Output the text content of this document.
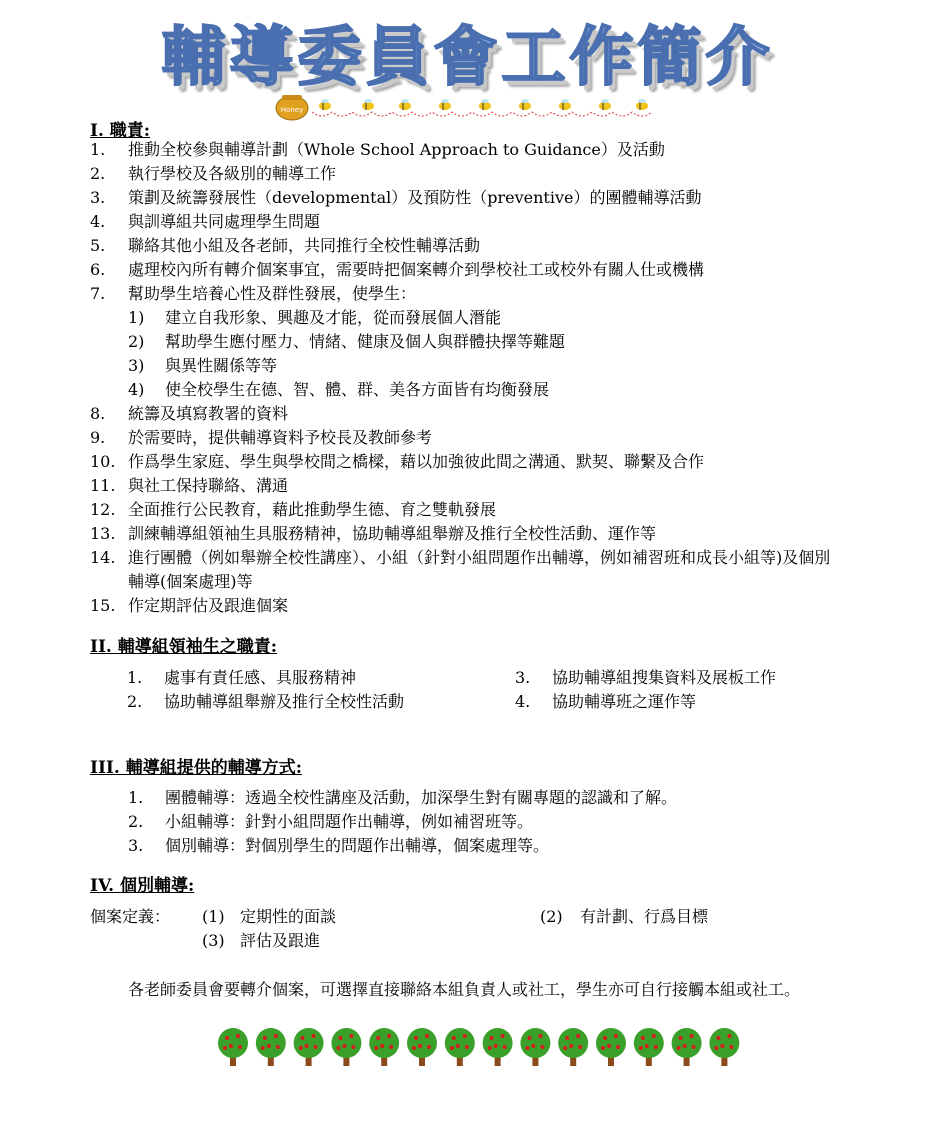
輔導委員會工作簡介
Honey
I. 職責:
1. 推動全校參與輔導計劃（Whole School Approach to Guidance）及活動
2. 執行學校及各級別的輔導工作
3. 策劃及統籌發展性（developmental）及預防性（preventive）的團體輔導活動
4. 與訓導組共同處理學生問題
5. 聯絡其他小組及各老師，共同推行全校性輔導活動
6. 處理校內所有轉介個案事宜，需要時把個案轉介到學校社工或校外有關人仕或機構
7. 幫助學生培養心性及群性發展，使學生：
1) 建立自我形象、興趣及才能，從而發展個人潛能
2) 幫助學生應付壓力、情緒、健康及個人與群體抉擇等難題
3) 與異性關係等等
4) 使全校學生在德、智、體、群、美各方面皆有均衡發展
8. 統籌及填寫教署的資料
9. 於需要時，提供輔導資料予校長及教師參考
10. 作爲學生家庭、學生與學校間之橋樑，藉以加強彼此間之溝通、默契、聯繫及合作
11. 與社工保持聯絡、溝通
12. 全面推行公民教育，藉此推動學生德、育之雙軌發展
13. 訓練輔導組領袖生具服務精神，協助輔導組舉辦及推行全校性活動、運作等
14. 進行團體（例如舉辦全校性講座）、小組（針對小組問題作出輔導，例如補習班和成長小組等)及個別輔導(個案處理)等
15. 作定期評估及跟進個案
II. 輔導組領袖生之職責:
1. 處事有責任感、具服務精神
2. 協助輔導組舉辦及推行全校性活動
3. 協助輔導組搜集資料及展板工作
4. 協助輔導班之運作等
III. 輔導組提供的輔導方式:
1. 團體輔導：透過全校性講座及活動，加深學生對有關專題的認識和了解。
2. 小組輔導：針對小組問題作出輔導，例如補習班等。
3. 個別輔導：對個別學生的問題作出輔導，個案處理等。
IV. 個別輔導:
個案定義： (1) 定期性的面談	(2) 有計劃、行爲目標
(3) 評估及跟進
各老師委員會要轉介個案，可選擇直接聯絡本組負責人或社工，學生亦可自行接觸本組或社工。
